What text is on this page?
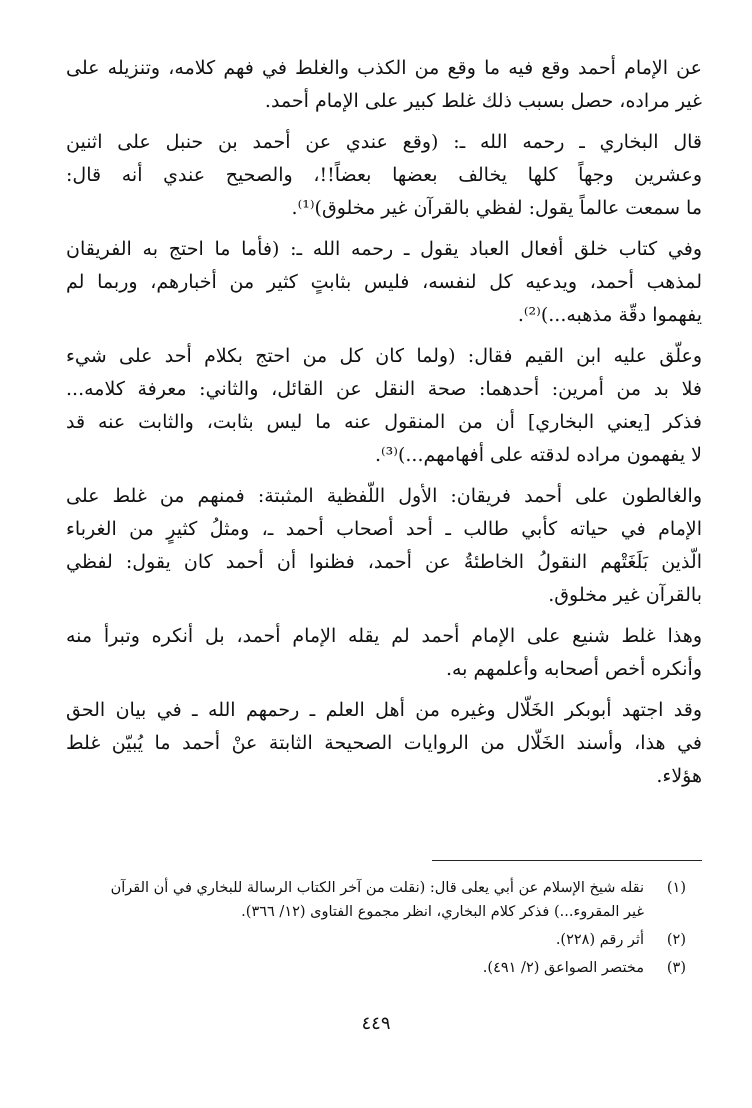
عن الإمام أحمد وقع فيه ما وقع من الكذب والغلط في فهم كلامه، وتنزيله على
غير مراده، حصل بسبب ذلك غلط كبير على الإمام أحمد.
قال البخاري ـ رحمه الله ـ: (وقع عندي عن أحمد بن حنبل على اثنين
وعشرين وجهاً كلها يخالف بعضها بعضاً!!، والصحيح عندي أنه قال:
ما سمعت عالماً يقول: لفظي بالقرآن غير مخلوق)⁽¹⁾.
وفي كتاب خلق أفعال العباد يقول ـ رحمه الله ـ: (فأما ما احتج به الفريقان
لمذهب أحمد، ويدعيه كل لنفسه، فليس بثابتٍ كثير من أخبارهم، وربما لم
يفهموا دقّة مذهبه...)⁽²⁾.
وعلّق عليه ابن القيم فقال: (ولما كان كل من احتج بكلام أحد على شيء
فلا بد من أمرين: أحدهما: صحة النقل عن القائل، والثاني: معرفة كلامه...
فذكر [يعني البخاري] أن من المنقول عنه ما ليس بثابت، والثابت عنه قد
لا يفهمون مراده لدقته على أفهامهم...)⁽³⁾.
والغالطون على أحمد فريقان: الأول اللّفظية المثبتة: فمنهم من غلط على
الإمام في حياته كأبي طالب ـ أحد أصحاب أحمد ـ، ومثلُ كثيرٍ من الغرباء
الّذين بَلَغَتْهم النقولُ الخاطئةُ عن أحمد، فظنوا أن أحمد كان يقول: لفظي
بالقرآن غير مخلوق.
وهذا غلط شنيع على الإمام أحمد لم يقله الإمام أحمد، بل أنكره وتبرأ منه
وأنكره أخص أصحابه وأعلمهم به.
وقد اجتهد أبوبكر الخَلّال وغيره من أهل العلم ـ رحمهم الله ـ في بيان الحق
في هذا، وأسند الخَلّال من الروايات الصحيحة الثابتة عنْ أحمد ما يُبيّن غلط
هؤلاء.
(١)
نقله شيخ الإسلام عن أبي يعلى قال: (نقلت من آخر الكتاب الرسالة للبخاري في أن القرآن
غير المقروء...) فذكر كلام البخاري، انظر مجموع الفتاوى (١٢/ ٣٦٦).
(٢)
أثر رقم (٢٢٨).
(٣)
مختصر الصواعق (٢/ ٤٩١).
٤٤٩
